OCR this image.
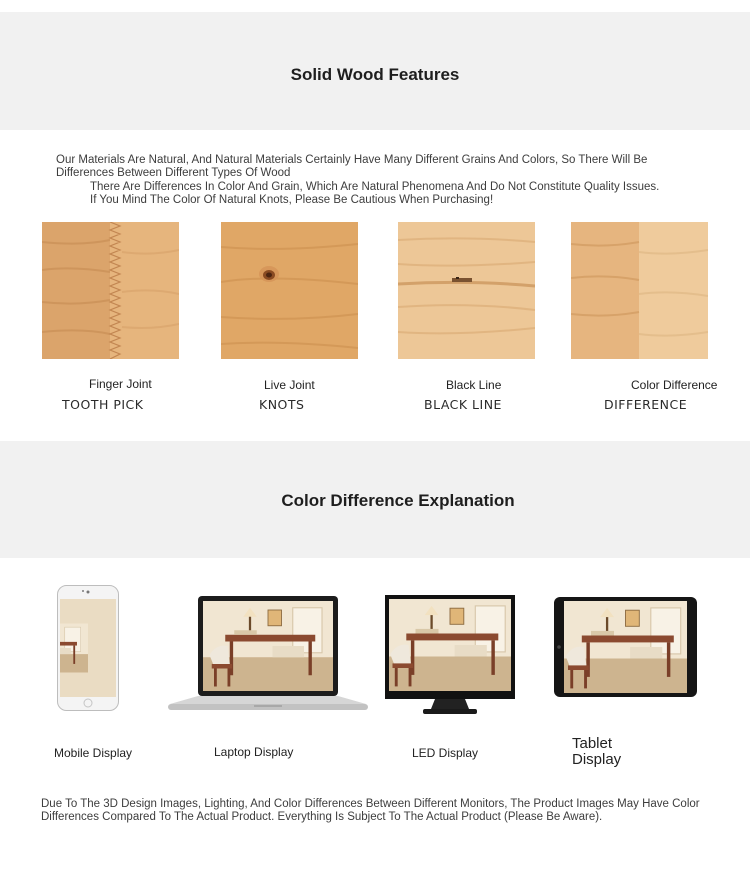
Solid Wood Features
Our Materials Are Natural, And Natural Materials Certainly Have Many Different Grains And Colors, So There Will Be Differences Between Different Types Of Wood
There Are Differences In Color And Grain, Which Are Natural Phenomena And Do Not Constitute Quality Issues. If You Mind The Color Of Natural Knots, Please Be Cautious When Purchasing!
Finger Joint	Live Joint	Black Line	Color Difference
TOOTH PICK	KNOTS	BLACK LINE	DIFFERENCE
Color Difference Explanation
Mobile Display	Laptop Display	LED Display
Tablet Display
Due To The 3D Design Images, Lighting, And Color Differences Between Different Monitors, The Product Images May Have Color Differences Compared To The Actual Product. Everything Is Subject To The Actual Product (Please Be Aware).
